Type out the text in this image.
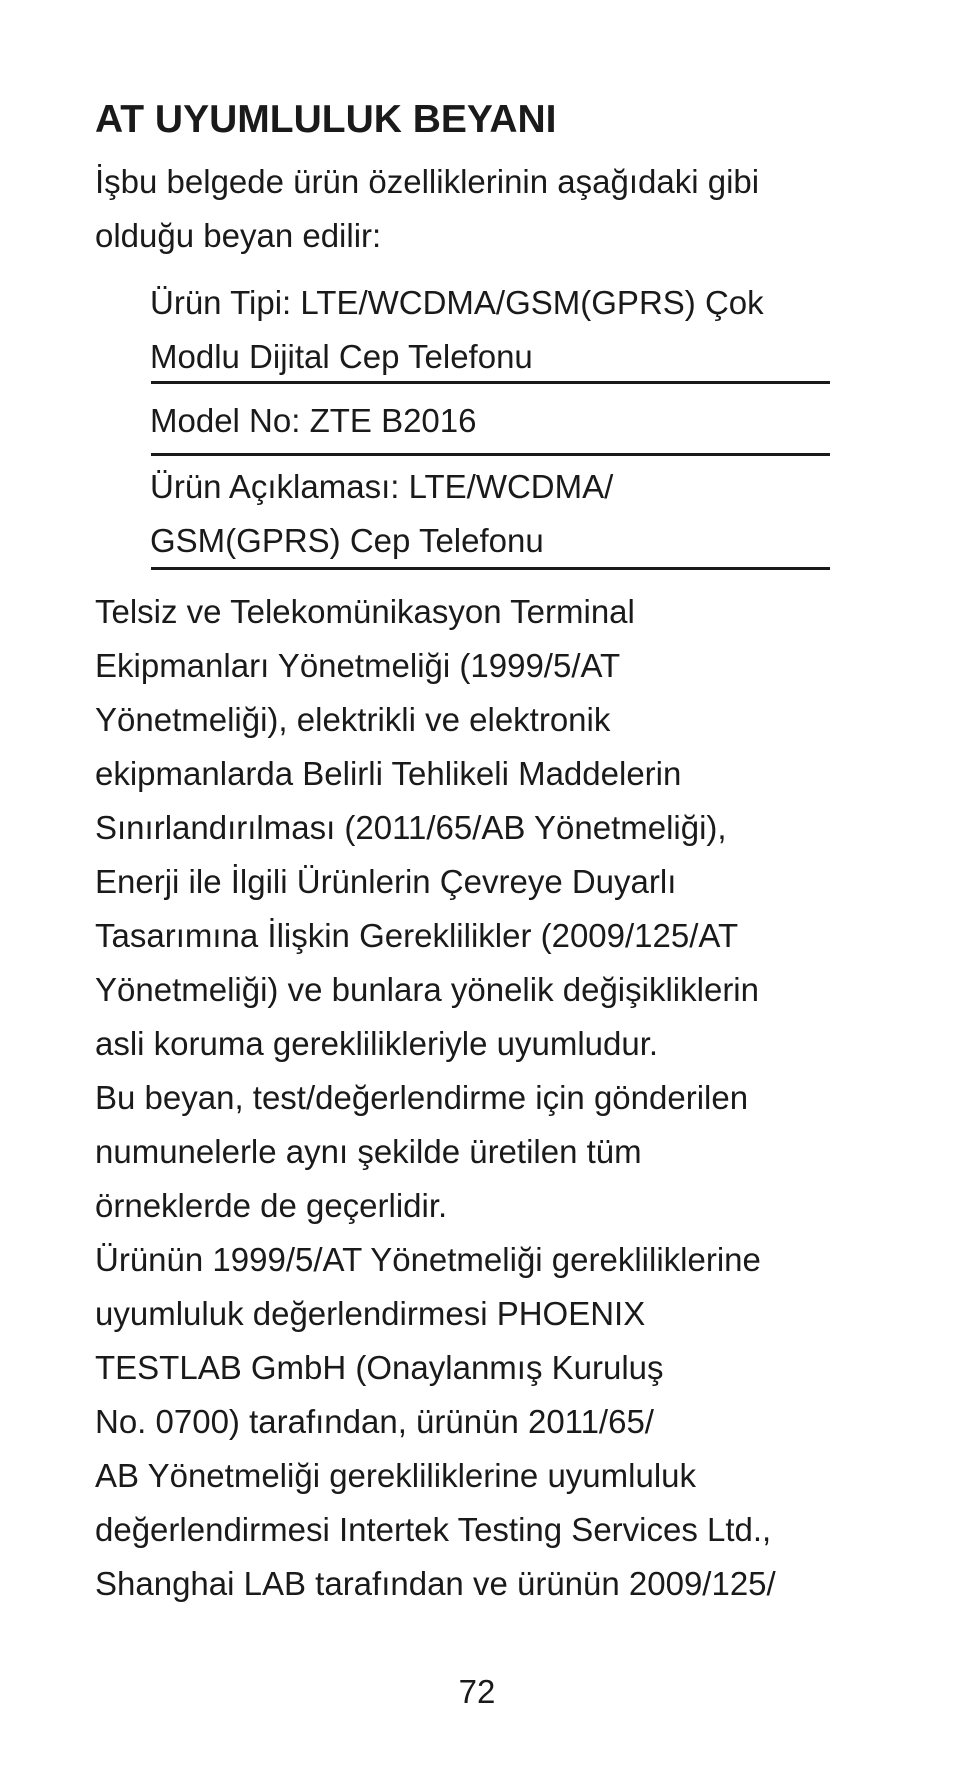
AT UYUMLULUK BEYANI
İşbu belgede ürün özelliklerinin aşağıdaki gibi
olduğu beyan edilir:
Ürün Tipi: LTE/WCDMA/GSM(GPRS) Çok
Modlu Dijital Cep Telefonu
Model No: ZTE B2016
Ürün Açıklaması: LTE/WCDMA/
GSM(GPRS) Cep Telefonu
Telsiz ve Telekomünikasyon Terminal
Ekipmanları Yönetmeliği (1999/5/AT
Yönetmeliği), elektrikli ve elektronik
ekipmanlarda Belirli Tehlikeli Maddelerin
Sınırlandırılması (2011/65/AB Yönetmeliği),
Enerji ile İlgili Ürünlerin Çevreye Duyarlı
Tasarımına İlişkin Gereklilikler (2009/125/AT
Yönetmeliği) ve bunlara yönelik değişikliklerin
asli koruma gereklilikleriyle uyumludur.
Bu beyan, test/değerlendirme için gönderilen
numunelerle aynı şekilde üretilen tüm
örneklerde de geçerlidir.
Ürünün 1999/5/AT Yönetmeliği gerekliliklerine
uyumluluk değerlendirmesi PHOENIX
TESTLAB GmbH (Onaylanmış Kuruluş
No. 0700) tarafından, ürünün 2011/65/
AB Yönetmeliği gerekliliklerine uyumluluk
değerlendirmesi Intertek Testing Services Ltd.,
Shanghai LAB tarafından ve ürünün 2009/125/
72
